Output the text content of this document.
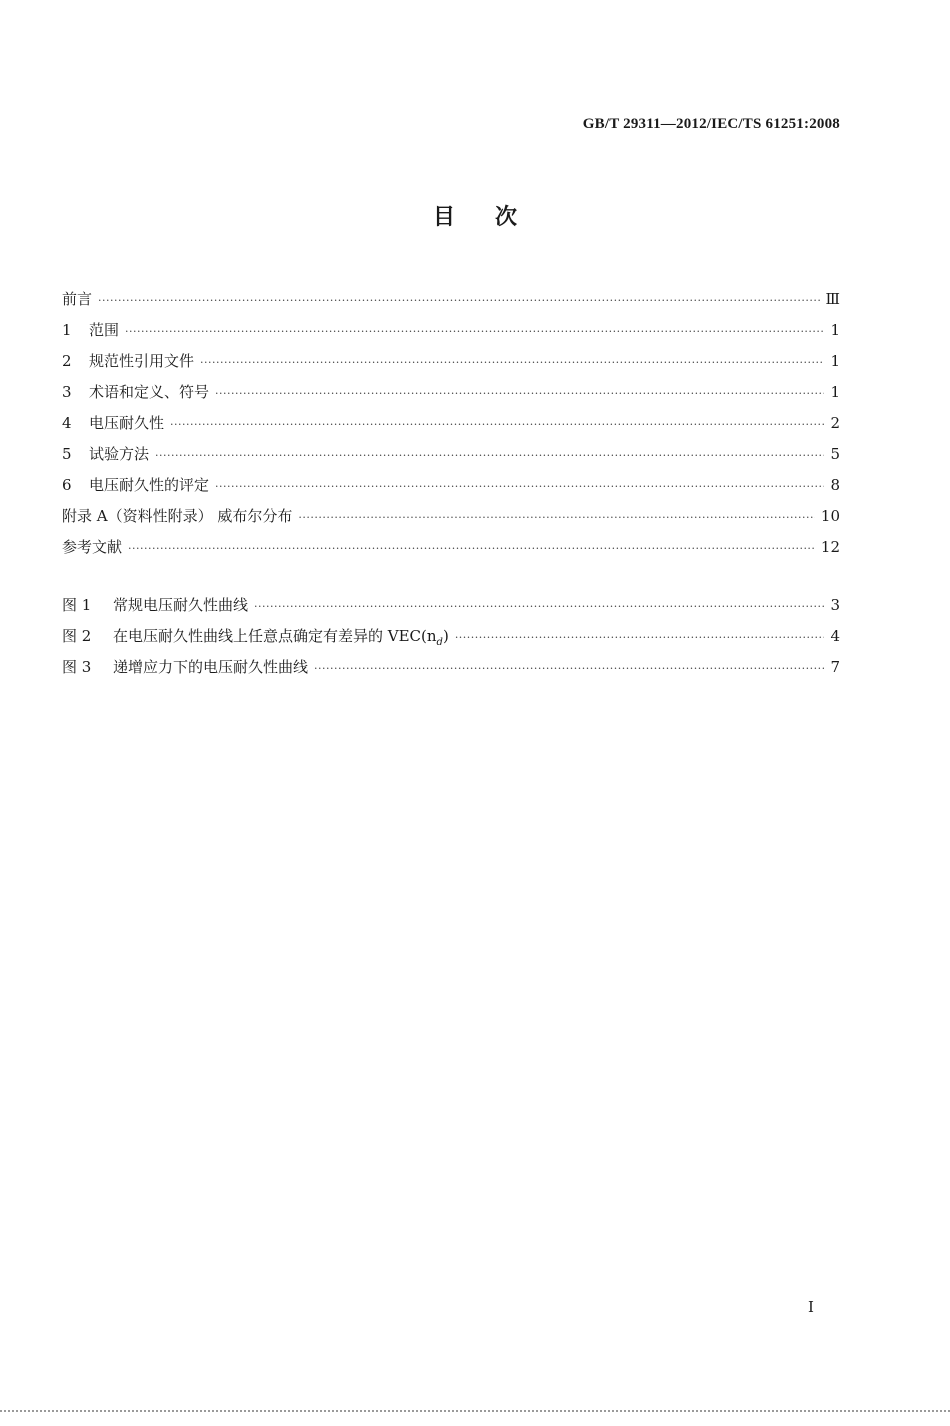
GB/T 29311—2012/IEC/TS 61251:2008
目次
前言 ·····	Ⅲ
1	范围 ·····	1
2	规范性引用文件 ·····	1
3	术语和定义、符号 ·····	1
4	电压耐久性 ·····	2
5	试验方法 ·····	5
6	电压耐久性的评定 ·····	8
附录 A（资料性附录） 威布尔分布 ·····	10
参考文献 ·····	12
图 1	常规电压耐久性曲线 ·····	3
图 2	在电压耐久性曲线上任意点确定有差异的 $VEC(n_d)$ ·····	4
图 3	递增应力下的电压耐久性曲线 ·····	7
I
